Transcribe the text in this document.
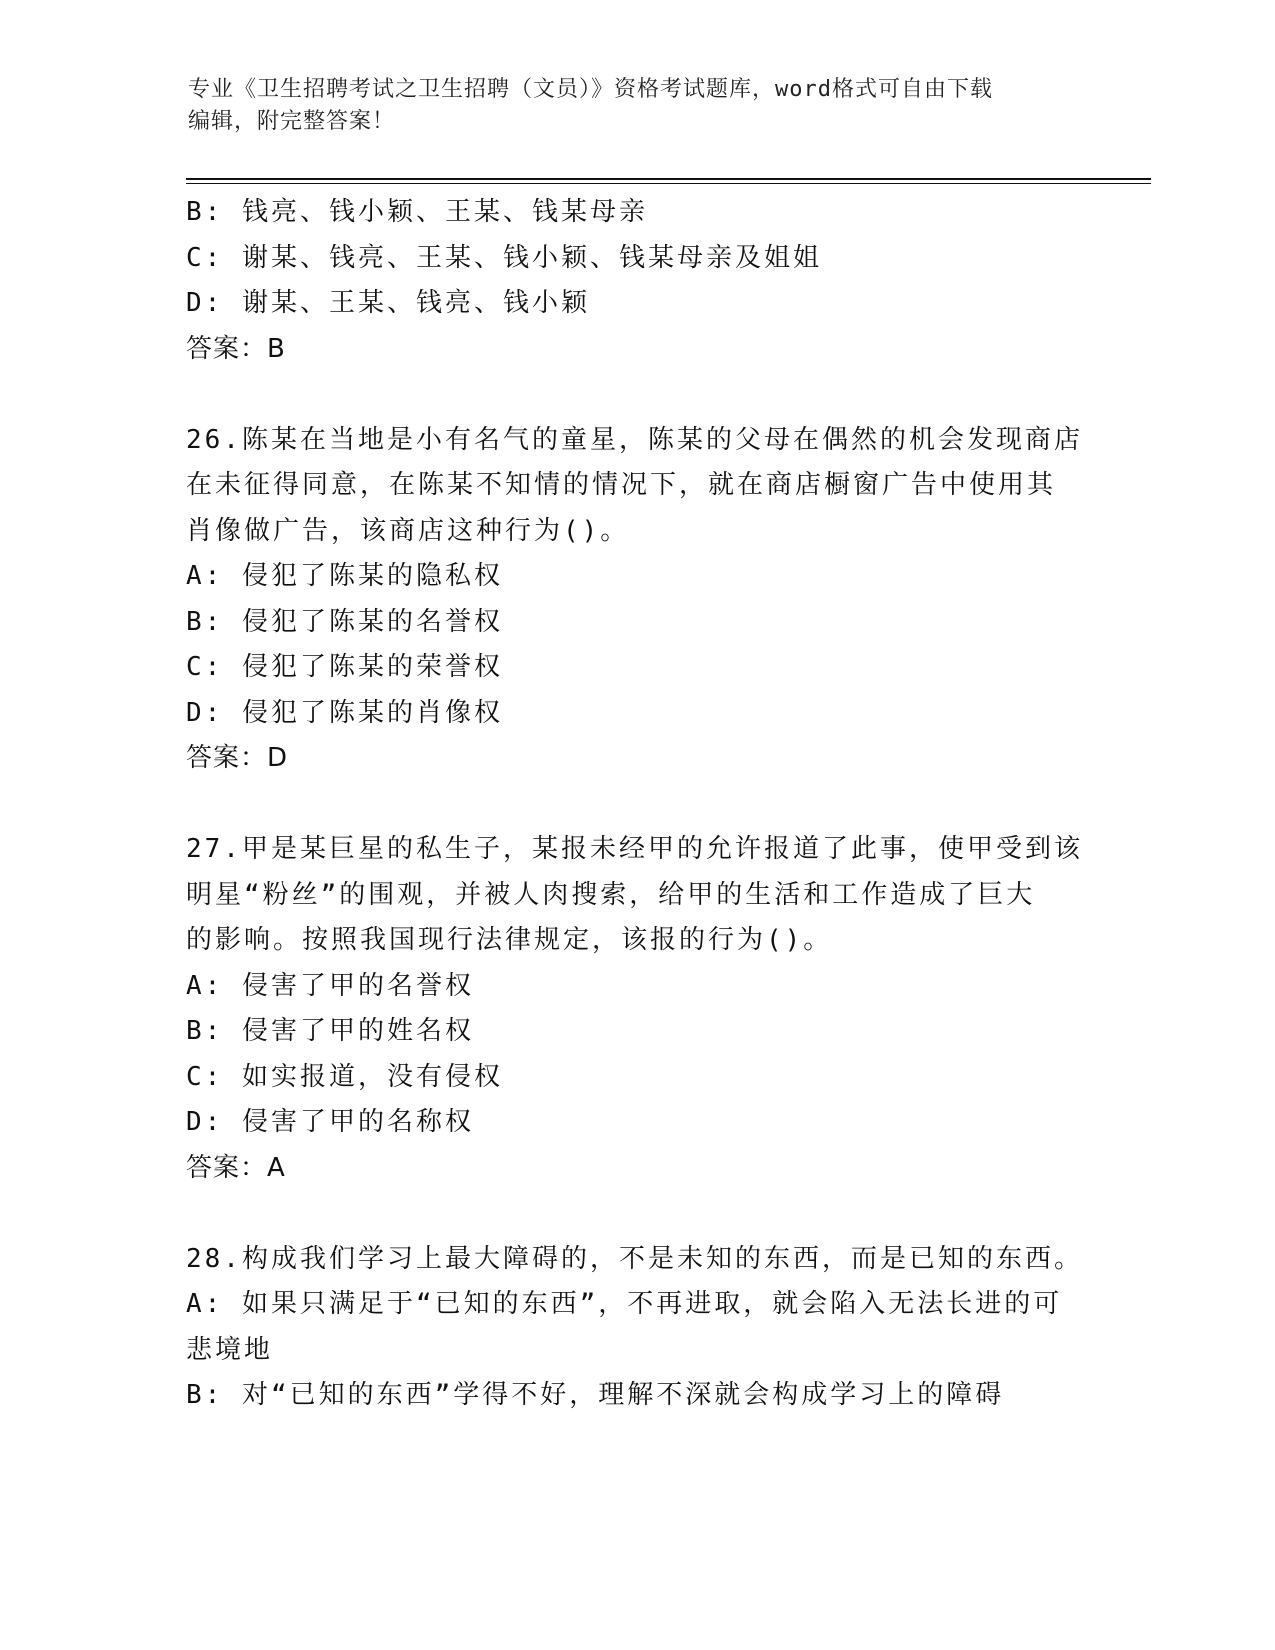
专业《卫生招聘考试之卫生招聘（文员）》资格考试题库，word格式可自由下载
编辑，附完整答案！
B: 钱亮、钱小颖、王某、钱某母亲
C: 谢某、钱亮、王某、钱小颖、钱某母亲及姐姐
D: 谢某、王某、钱亮、钱小颖
答案：B
26.陈某在当地是小有名气的童星，陈某的父母在偶然的机会发现商店
在未征得同意，在陈某不知情的情况下，就在商店橱窗广告中使用其
肖像做广告，该商店这种行为()。
A: 侵犯了陈某的隐私权
B: 侵犯了陈某的名誉权
C: 侵犯了陈某的荣誉权
D: 侵犯了陈某的肖像权
答案：D
27.甲是某巨星的私生子，某报未经甲的允许报道了此事，使甲受到该
明星“粉丝”的围观，并被人肉搜索，给甲的生活和工作造成了巨大
的影响。按照我国现行法律规定，该报的行为()。
A: 侵害了甲的名誉权
B: 侵害了甲的姓名权
C: 如实报道，没有侵权
D: 侵害了甲的名称权
答案：A
28.构成我们学习上最大障碍的，不是未知的东西，而是已知的东西。
A: 如果只满足于“已知的东西”，不再进取，就会陷入无法长进的可
悲境地
B: 对“已知的东西”学得不好，理解不深就会构成学习上的障碍
